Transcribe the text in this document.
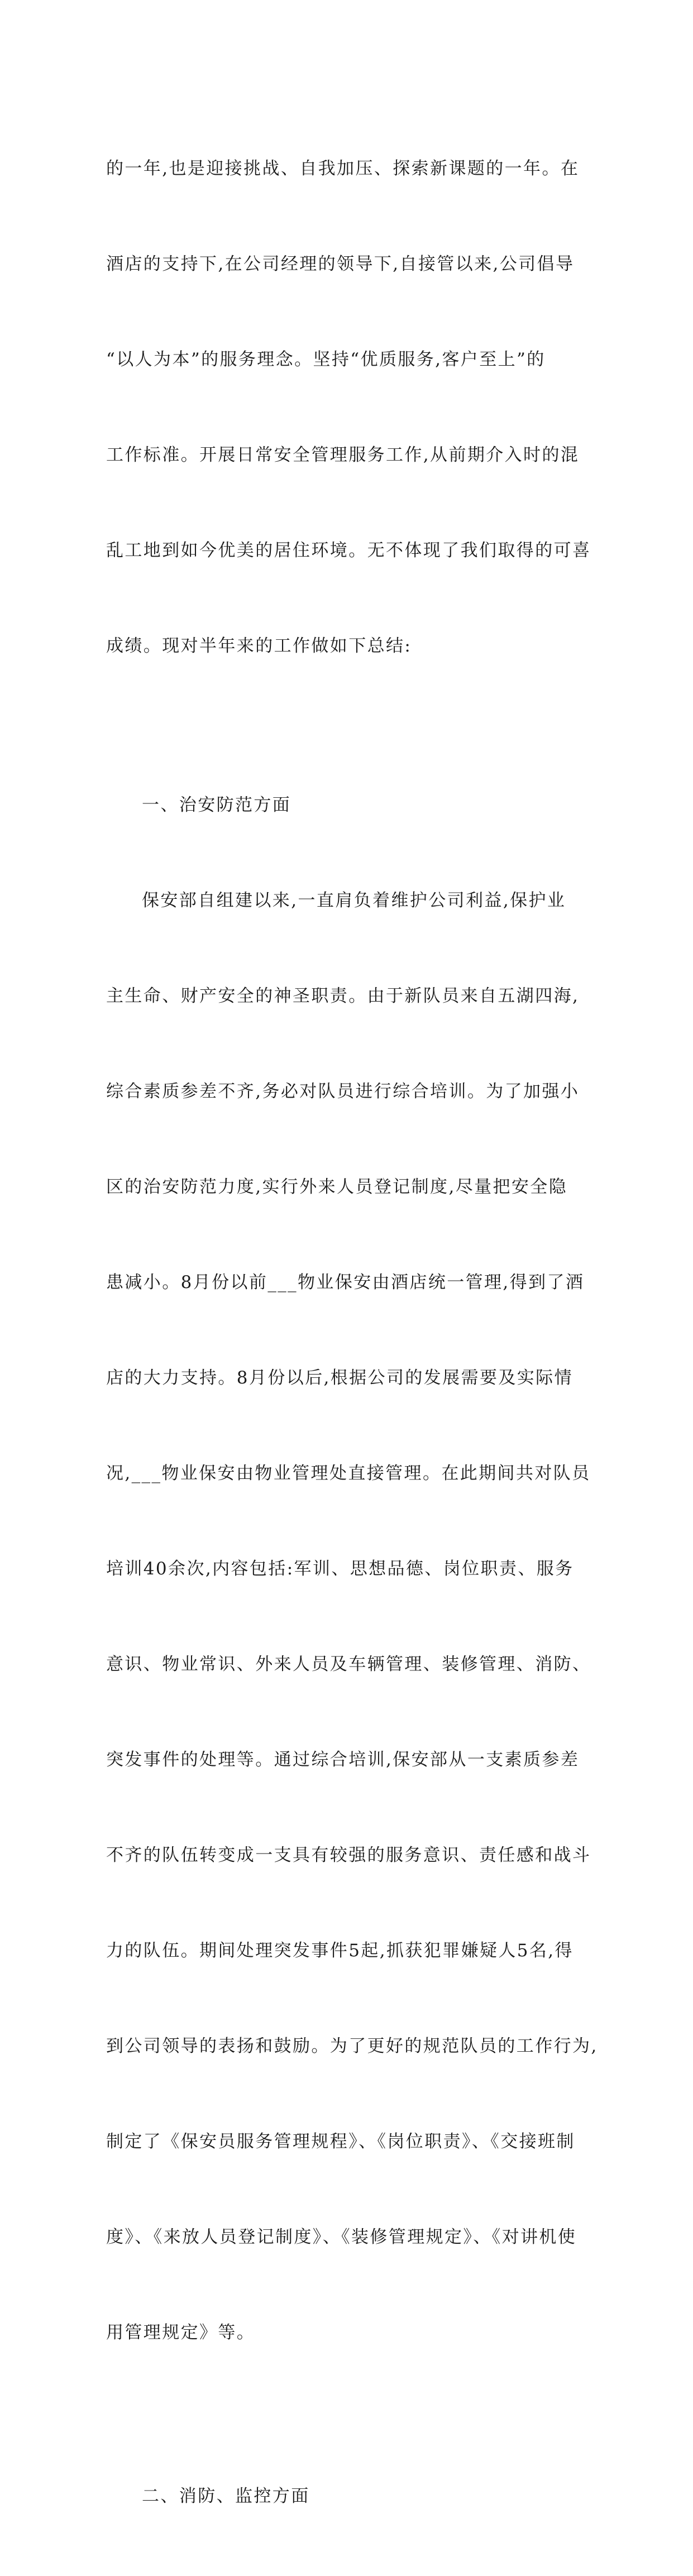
的一年,也是迎接挑战、自我加压、探索新课题的一年。在

酒店的支持下,在公司经理的领导下,自接管以来,公司倡导

“以人为本”的服务理念。坚持“优质服务,客户至上”的

工作标准。开展日常安全管理服务工作,从前期介入时的混

乱工地到如今优美的居住环境。无不体现了我们取得的可喜

成绩。现对半年来的工作做如下总结:

一、治安防范方面

保安部自组建以来,一直肩负着维护公司利益,保护业

主生命、财产安全的神圣职责。由于新队员来自五湖四海,

综合素质参差不齐,务必对队员进行综合培训。为了加强小

区的治安防范力度,实行外来人员登记制度,尽量把安全隐

患减小。8月份以前___物业保安由酒店统一管理,得到了酒

店的大力支持。8月份以后,根据公司的发展需要及实际情

况,___物业保安由物业管理处直接管理。在此期间共对队员

培训40余次,内容包括:军训、思想品德、岗位职责、服务

意识、物业常识、外来人员及车辆管理、装修管理、消防、

突发事件的处理等。通过综合培训,保安部从一支素质参差

不齐的队伍转变成一支具有较强的服务意识、责任感和战斗

力的队伍。期间处理突发事件5起,抓获犯罪嫌疑人5名,得

到公司领导的表扬和鼓励。为了更好的规范队员的工作行为,

制定了《保安员服务管理规程》、《岗位职责》、《交接班制

度》、《来放人员登记制度》、《装修管理规定》、《对讲机使

用管理规定》等。

二、消防、监控方面
